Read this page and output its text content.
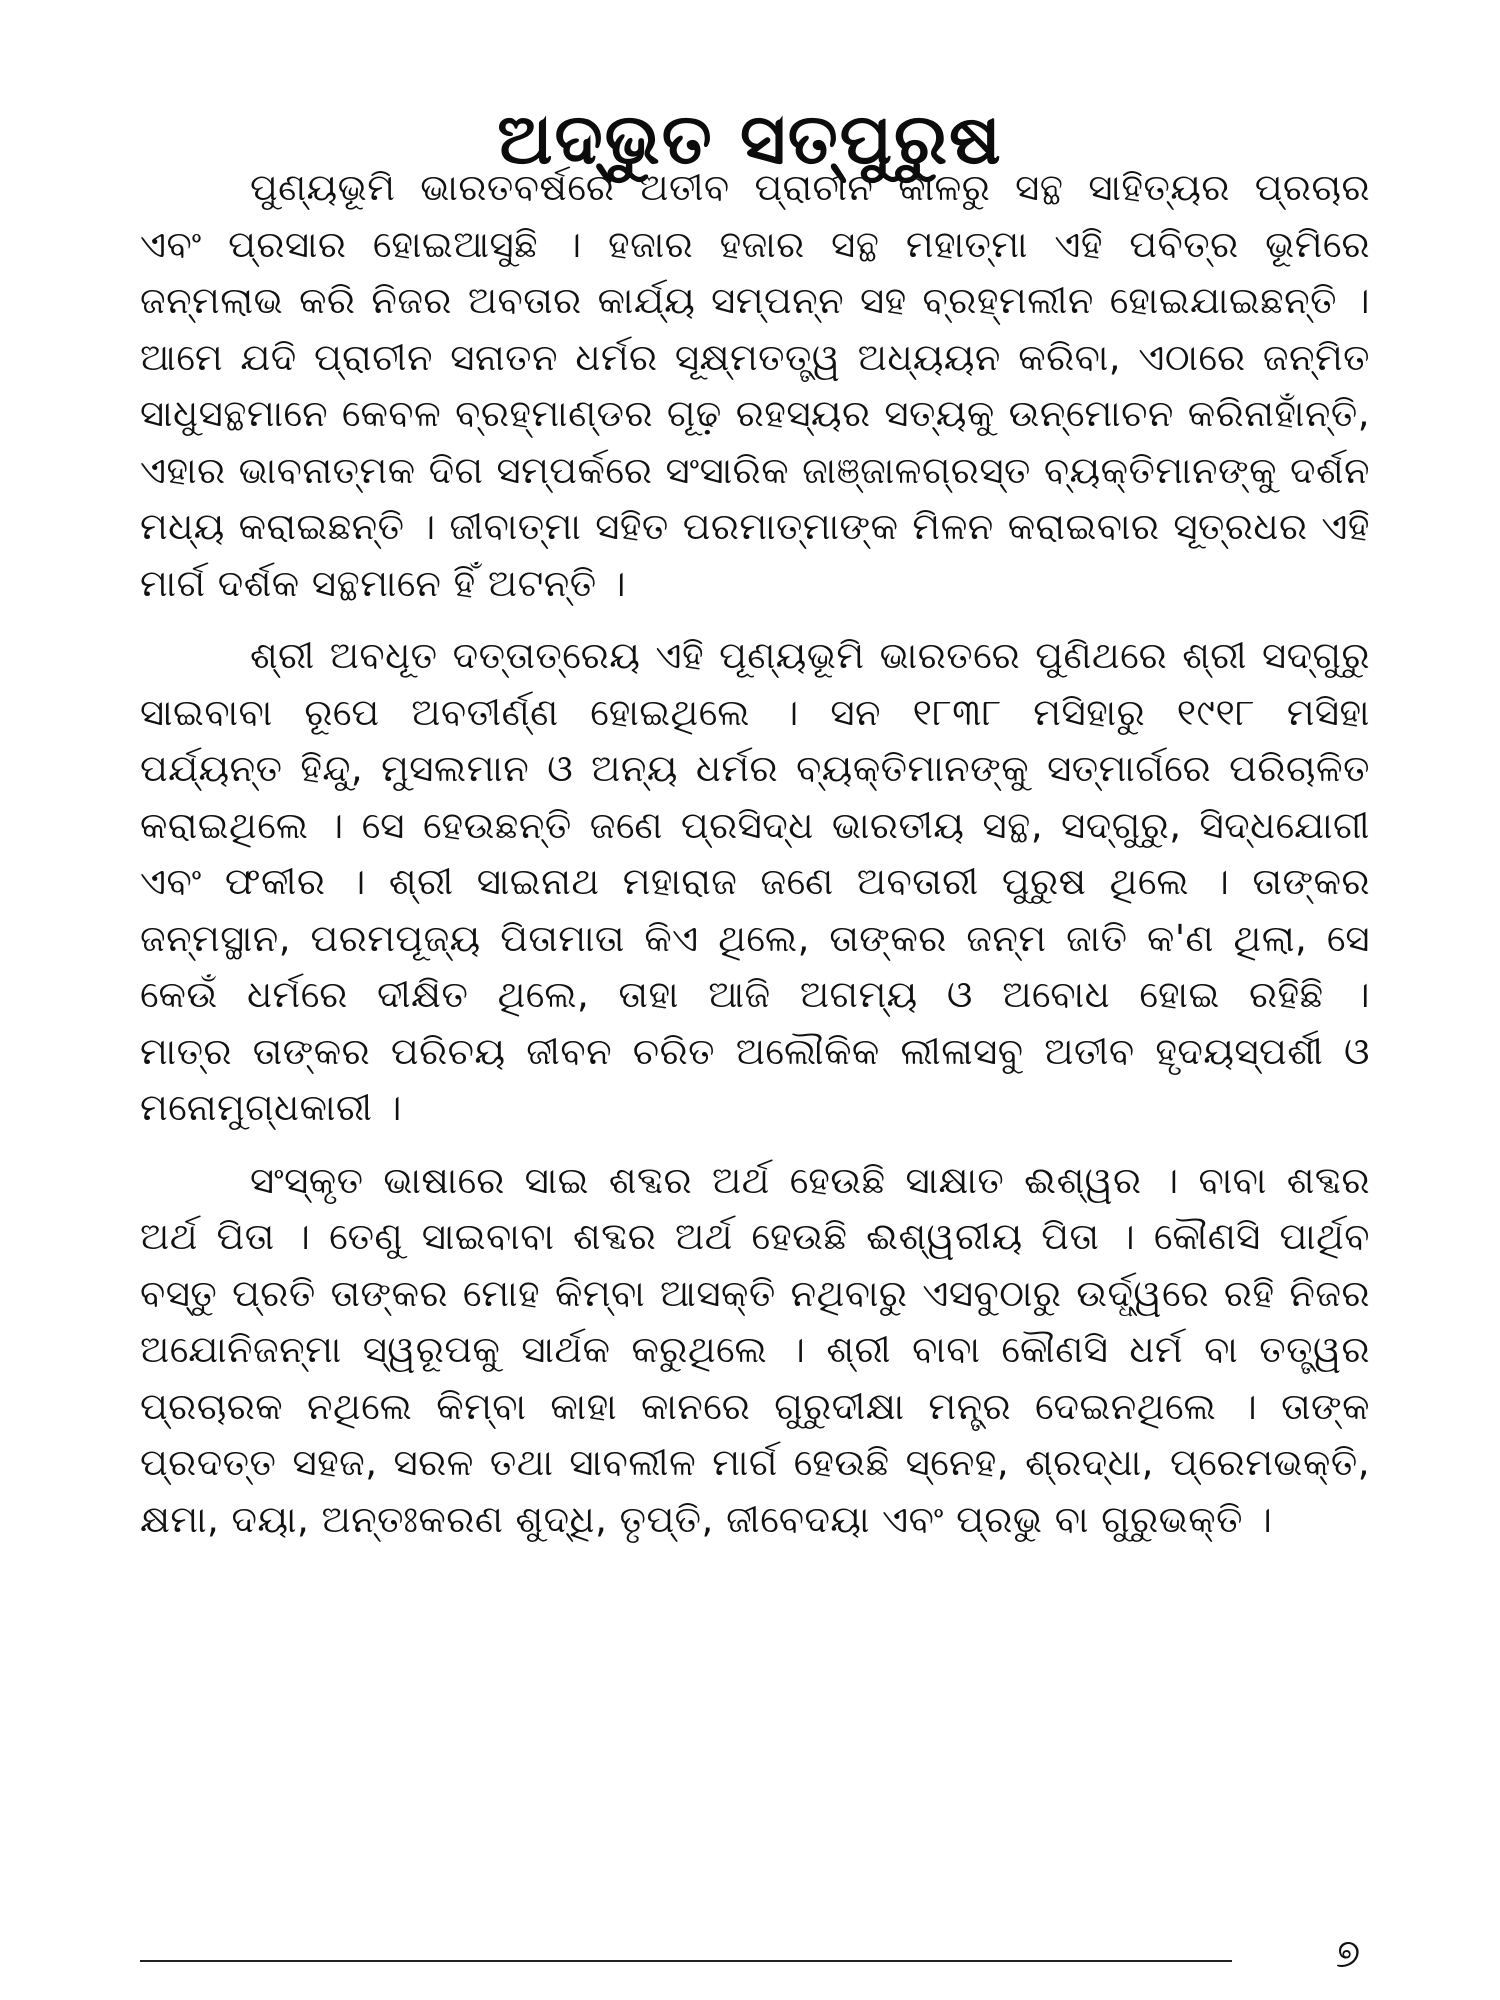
ଅଦ୍ଭୁତ ସତ୍‌ପୁରୁଷ
ପୁଣ୍ୟଭୂମି ଭାରତବର୍ଷରେ ଅତୀବ ପ୍ରାଚୀନ କାଳରୁ ସନ୍ଥ ସାହିତ୍ୟର ପ୍ରଚାର
ଏବଂ ପ୍ରସାର ହୋଇଆସୁଛି । ହଜାର ହଜାର ସନ୍ଥ ମହାତ୍ମା ଏହି ପବିତ୍ର ଭୂମିରେ
ଜନ୍ମଲାଭ କରି ନିଜର ଅବତାର କାର୍ଯ୍ୟ ସମ୍ପନ୍ନ ସହ ବ୍ରହ୍ମଲୀନ ହୋଇଯାଇଛନ୍ତି ।
ଆମେ ଯଦି ପ୍ରାଚୀନ ସନାତନ ଧର୍ମର ସୂକ୍ଷ୍ମତତ୍ତ୍ୱ ଅଧ୍ୟୟନ କରିବା, ଏଠାରେ ଜନ୍ମିତ
ସାଧୁସନ୍ଥମାନେ କେବଳ ବ୍ରହ୍ମାଣ୍ଡର ଗୂଢ଼ ରହସ୍ୟର ସତ୍ୟକୁ ଉନ୍ମୋଚନ କରିନାହାଁନ୍ତି,
ଏହାର ଭାବନାତ୍ମକ ଦିଗ ସମ୍ପର୍କରେ ସଂସାରିକ ଜାଞ୍ଜାଳଗ୍ରସ୍ତ ବ୍ୟକ୍ତିମାନଙ୍କୁ ଦର୍ଶନ
ମଧ୍ୟ କରାଇଛନ୍ତି । ଜୀବାତ୍ମା ସହିତ ପରମାତ୍ମାଙ୍କ ମିଳନ କରାଇବାର ସୂତ୍ରଧର ଏହି
ମାର୍ଗ ଦର୍ଶକ ସନ୍ଥମାନେ ହିଁ ଅଟନ୍ତି ।
ଶ୍ରୀ ଅବଧୂତ ଦତ୍ତାତ୍ରେୟ ଏହି ପୂଣ୍ୟଭୂମି ଭାରତରେ ପୁଣିଥରେ ଶ୍ରୀ ସଦ୍‌ଗୁରୁ
ସାଇବାବା ରୂପେ ଅବତୀର୍ଣ୍ଣ ହୋଇଥିଲେ । ସନ ୧୮୩୮ ମସିହାରୁ ୧୯୧୮ ମସିହା
ପର୍ଯ୍ୟନ୍ତ ହିନ୍ଦୁ, ମୁସଲମାନ ଓ ଅନ୍ୟ ଧର୍ମର ବ୍ୟକ୍ତିମାନଙ୍କୁ ସତ୍‌ମାର୍ଗରେ ପରିଚାଳିତ
କରାଇଥିଲେ । ସେ ହେଉଛନ୍ତି ଜଣେ ପ୍ରସିଦ୍ଧ ଭାରତୀୟ ସନ୍ଥ, ସଦ୍‌ଗୁରୁ, ସିଦ୍ଧଯୋଗୀ
ଏବଂ ଫକୀର । ଶ୍ରୀ ସାଇନାଥ ମହାରାଜ ଜଣେ ଅବତାରୀ ପୁରୁଷ ଥିଲେ । ତାଙ୍କର
ଜନ୍ମସ୍ଥାନ, ପରମପୂଜ୍ୟ ପିତାମାତା କିଏ ଥିଲେ, ତାଙ୍କର ଜନ୍ମ ଜାତି କ'ଣ ଥିଲା, ସେ
କେଉଁ ଧର୍ମରେ ଦୀକ୍ଷିତ ଥିଲେ, ତାହା ଆଜି ଅଗମ୍ୟ ଓ ଅବୋଧ ହୋଇ ରହିଛି ।
ମାତ୍ର ତାଙ୍କର ପରିଚୟ ଜୀବନ ଚରିତ ଅଲୌକିକ ଲୀଳାସବୁ ଅତୀବ ହୃଦୟସ୍ପର୍ଶୀ ଓ
ମନୋମୁଗ୍ଧକାରୀ ।
ସଂସ୍କୃତ ଭାଷାରେ ସାଇ ଶବ୍ଦର ଅର୍ଥ ହେଉଛି ସାକ୍ଷାତ ଈଶ୍ୱର । ବାବା ଶବ୍ଦର
ଅର୍ଥ ପିତା । ତେଣୁ ସାଇବାବା ଶବ୍ଦର ଅର୍ଥ ହେଉଛି ଈଶ୍ୱରୀୟ ପିତା । କୌଣସି ପାର୍ଥିବ
ବସ୍ତୁ ପ୍ରତି ତାଙ୍କର ମୋହ କିମ୍ବା ଆସକ୍ତି ନଥିବାରୁ ଏସବୁଠାରୁ ଉର୍ଦ୍ଧ୍ୱରେ ରହି ନିଜର
ଅଯୋନିଜନ୍ମା ସ୍ୱରୂପକୁ ସାର୍ଥକ କରୁଥିଲେ । ଶ୍ରୀ ବାବା କୌଣସି ଧର୍ମ ବା ତତ୍ତ୍ୱର
ପ୍ରଚାରକ ନଥିଲେ କିମ୍ବା କାହା କାନରେ ଗୁରୁଦୀକ୍ଷା ମନ୍ତ୍ର ଦେଇନଥିଲେ । ତାଙ୍କ
ପ୍ରଦତ୍ତ ସହଜ, ସରଳ ତଥା ସାବଲୀଳ ମାର୍ଗ ହେଉଛି ସ୍ନେହ, ଶ୍ରଦ୍ଧା, ପ୍ରେମଭକ୍ତି,
କ୍ଷମା, ଦୟା, ଅନ୍ତଃକରଣ ଶୁଦ୍ଧି, ତୃପ୍ତି, ଜୀବେଦୟା ଏବଂ ପ୍ରଭୁ ବା ଗୁରୁଭକ୍ତି ।
୭
